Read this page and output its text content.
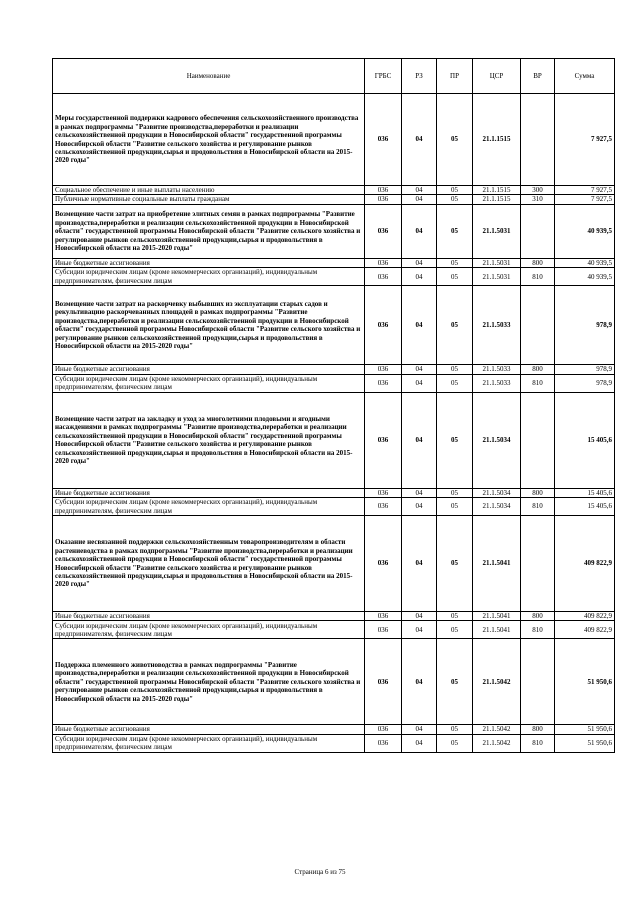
Наименование	ГРБС	РЗ	ПР	ЦСР	ВР	Сумма
Меры государственной поддержки кадрового обеспечения сельскохозяйственного производства в рамках подпрограммы "Развитие производства,переработки и реализации сельскохозяйственной продукции в Новосибирской области" государственной программы Новосибирской области "Развитие сельского хозяйства и регулирование рынков сельскохозяйственной продукции,сырья и продовольствия в Новосибирской области на 2015-2020 годы"	036	04	05	21.1.1515		7 927,5
Социальное обеспечение и иные выплаты населению	036	04	05	21.1.1515	300	7 927,5
Публичные нормативные социальные выплаты гражданам	036	04	05	21.1.1515	310	7 927,5
Возмещение части затрат на приобретение элитных семян в рамках подпрограммы "Развитие производства,переработки и реализации сельскохозяйственной продукции в Новосибирской области" государственной программы Новосибирской области "Развитие сельского хозяйства и регулирование рынков сельскохозяйственной продукции,сырья и продовольствия в Новосибирской области на 2015-2020 годы"	036	04	05	21.1.5031		40 939,5
Иные бюджетные ассигнования	036	04	05	21.1.5031	800	40 939,5
Субсидии юридическим лицам (кроме некоммерческих организаций), индивидуальным предпринимателям, физическим лицам	036	04	05	21.1.5031	810	40 939,5
Возмещение части затрат на раскорчевку выбывших из эксплуатации старых садов и рекультивацию раскорчеванных площадей в рамках подпрограммы "Развитие производства,переработки и реализации сельскохозяйственной продукции в Новосибирской области" государственной программы Новосибирской области "Развитие сельского хозяйства и регулирование рынков сельскохозяйственной продукции,сырья и продовольствия в Новосибирской области на 2015-2020 годы"	036	04	05	21.1.5033		978,9
Иные бюджетные ассигнования	036	04	05	21.1.5033	800	978,9
Субсидии юридическим лицам (кроме некоммерческих организаций), индивидуальным предпринимателям, физическим лицам	036	04	05	21.1.5033	810	978,9
Возмещение части затрат на закладку и уход за многолетними плодовыми и ягодными насаждениями в рамках подпрограммы "Развитие производства,переработки и реализации сельскохозяйственной продукции в Новосибирской области" государственной программы Новосибирской области "Развитие сельского хозяйства и регулирование рынков сельскохозяйственной продукции,сырья и продовольствия в Новосибирской области на 2015-2020 годы"	036	04	05	21.1.5034		15 405,6
Иные бюджетные ассигнования	036	04	05	21.1.5034	800	15 405,6
Субсидии юридическим лицам (кроме некоммерческих организаций), индивидуальным предпринимателям, физическим лицам	036	04	05	21.1.5034	810	15 405,6
Оказание несвязанной поддержки сельскохозяйственным товаропроизводителям в области растениеводства в рамках подпрограммы "Развитие производства,переработки и реализации сельскохозяйственной продукции в Новосибирской области" государственной программы Новосибирской области "Развитие сельского хозяйства и регулирование рынков сельскохозяйственной продукции,сырья и продовольствия в Новосибирской области на 2015-2020 годы"	036	04	05	21.1.5041		409 822,9
Иные бюджетные ассигнования	036	04	05	21.1.5041	800	409 822,9
Субсидии юридическим лицам (кроме некоммерческих организаций), индивидуальным предпринимателям, физическим лицам	036	04	05	21.1.5041	810	409 822,9
Поддержка племенного животноводства в рамках подпрограммы "Развитие производства,переработки и реализации сельскохозяйственной продукции в Новосибирской области" государственной программы Новосибирской области "Развитие сельского хозяйства и регулирование рынков сельскохозяйственной продукции,сырья и продовольствия в Новосибирской области на 2015-2020 годы"	036	04	05	21.1.5042		51 950,6
Иные бюджетные ассигнования	036	04	05	21.1.5042	800	51 950,6
Субсидии юридическим лицам (кроме некоммерческих организаций), индивидуальным предпринимателям, физическим лицам	036	04	05	21.1.5042	810	51 950,6
Страница 6 из 75
